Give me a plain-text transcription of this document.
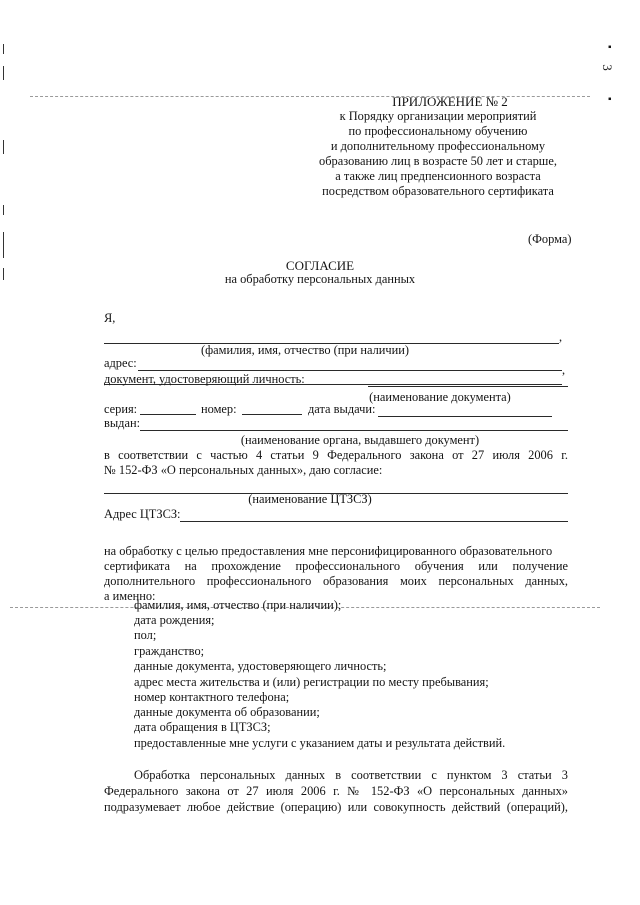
3
▪
▪
ПРИЛОЖЕНИЕ № 2
к Порядку организации мероприятий
по профессиональному обучению
и дополнительному профессиональному
образованию лиц в возрасте 50 лет и старше,
а также лиц предпенсионного возраста
посредством образовательного сертификата
(Форма)
СОГЛАСИЕ
на обработку персональных данных
Я,
,
(фамилия, имя, отчество (при наличии)
адрес:	,
документ, удостоверяющий личность:
(наименование документа)
серия:	номер:	дата выдачи:
выдан:
(наименование органа, выдавшего документ)
в соответствии с частью 4 статьи 9 Федерального закона от 27 июля 2006 г.
№ 152-ФЗ «О персональных данных», даю согласие:
(наименование ЦТЗСЗ)
Адрес ЦТЗСЗ:
на обработку с целью предоставления мне персонифицированного образовательного
сертификата на прохождение профессионального обучения или получение
дополнительного профессионального образования моих персональных данных,
а именно:
фамилия, имя, отчество (при наличии);
дата рождения;
пол;
гражданство;
данные документа, удостоверяющего личность;
адрес места жительства и (или) регистрации по месту пребывания;
номер контактного телефона;
данные документа об образовании;
дата обращения в ЦТЗСЗ;
предоставленные мне услуги с указанием даты и результата действий.
Обработка персональных данных в соответствии с пунктом 3 статьи 3
Федерального закона от 27 июля 2006 г. № 152-ФЗ «О персональных данных»
подразумевает любое действие (операцию) или совокупность действий (операций),
